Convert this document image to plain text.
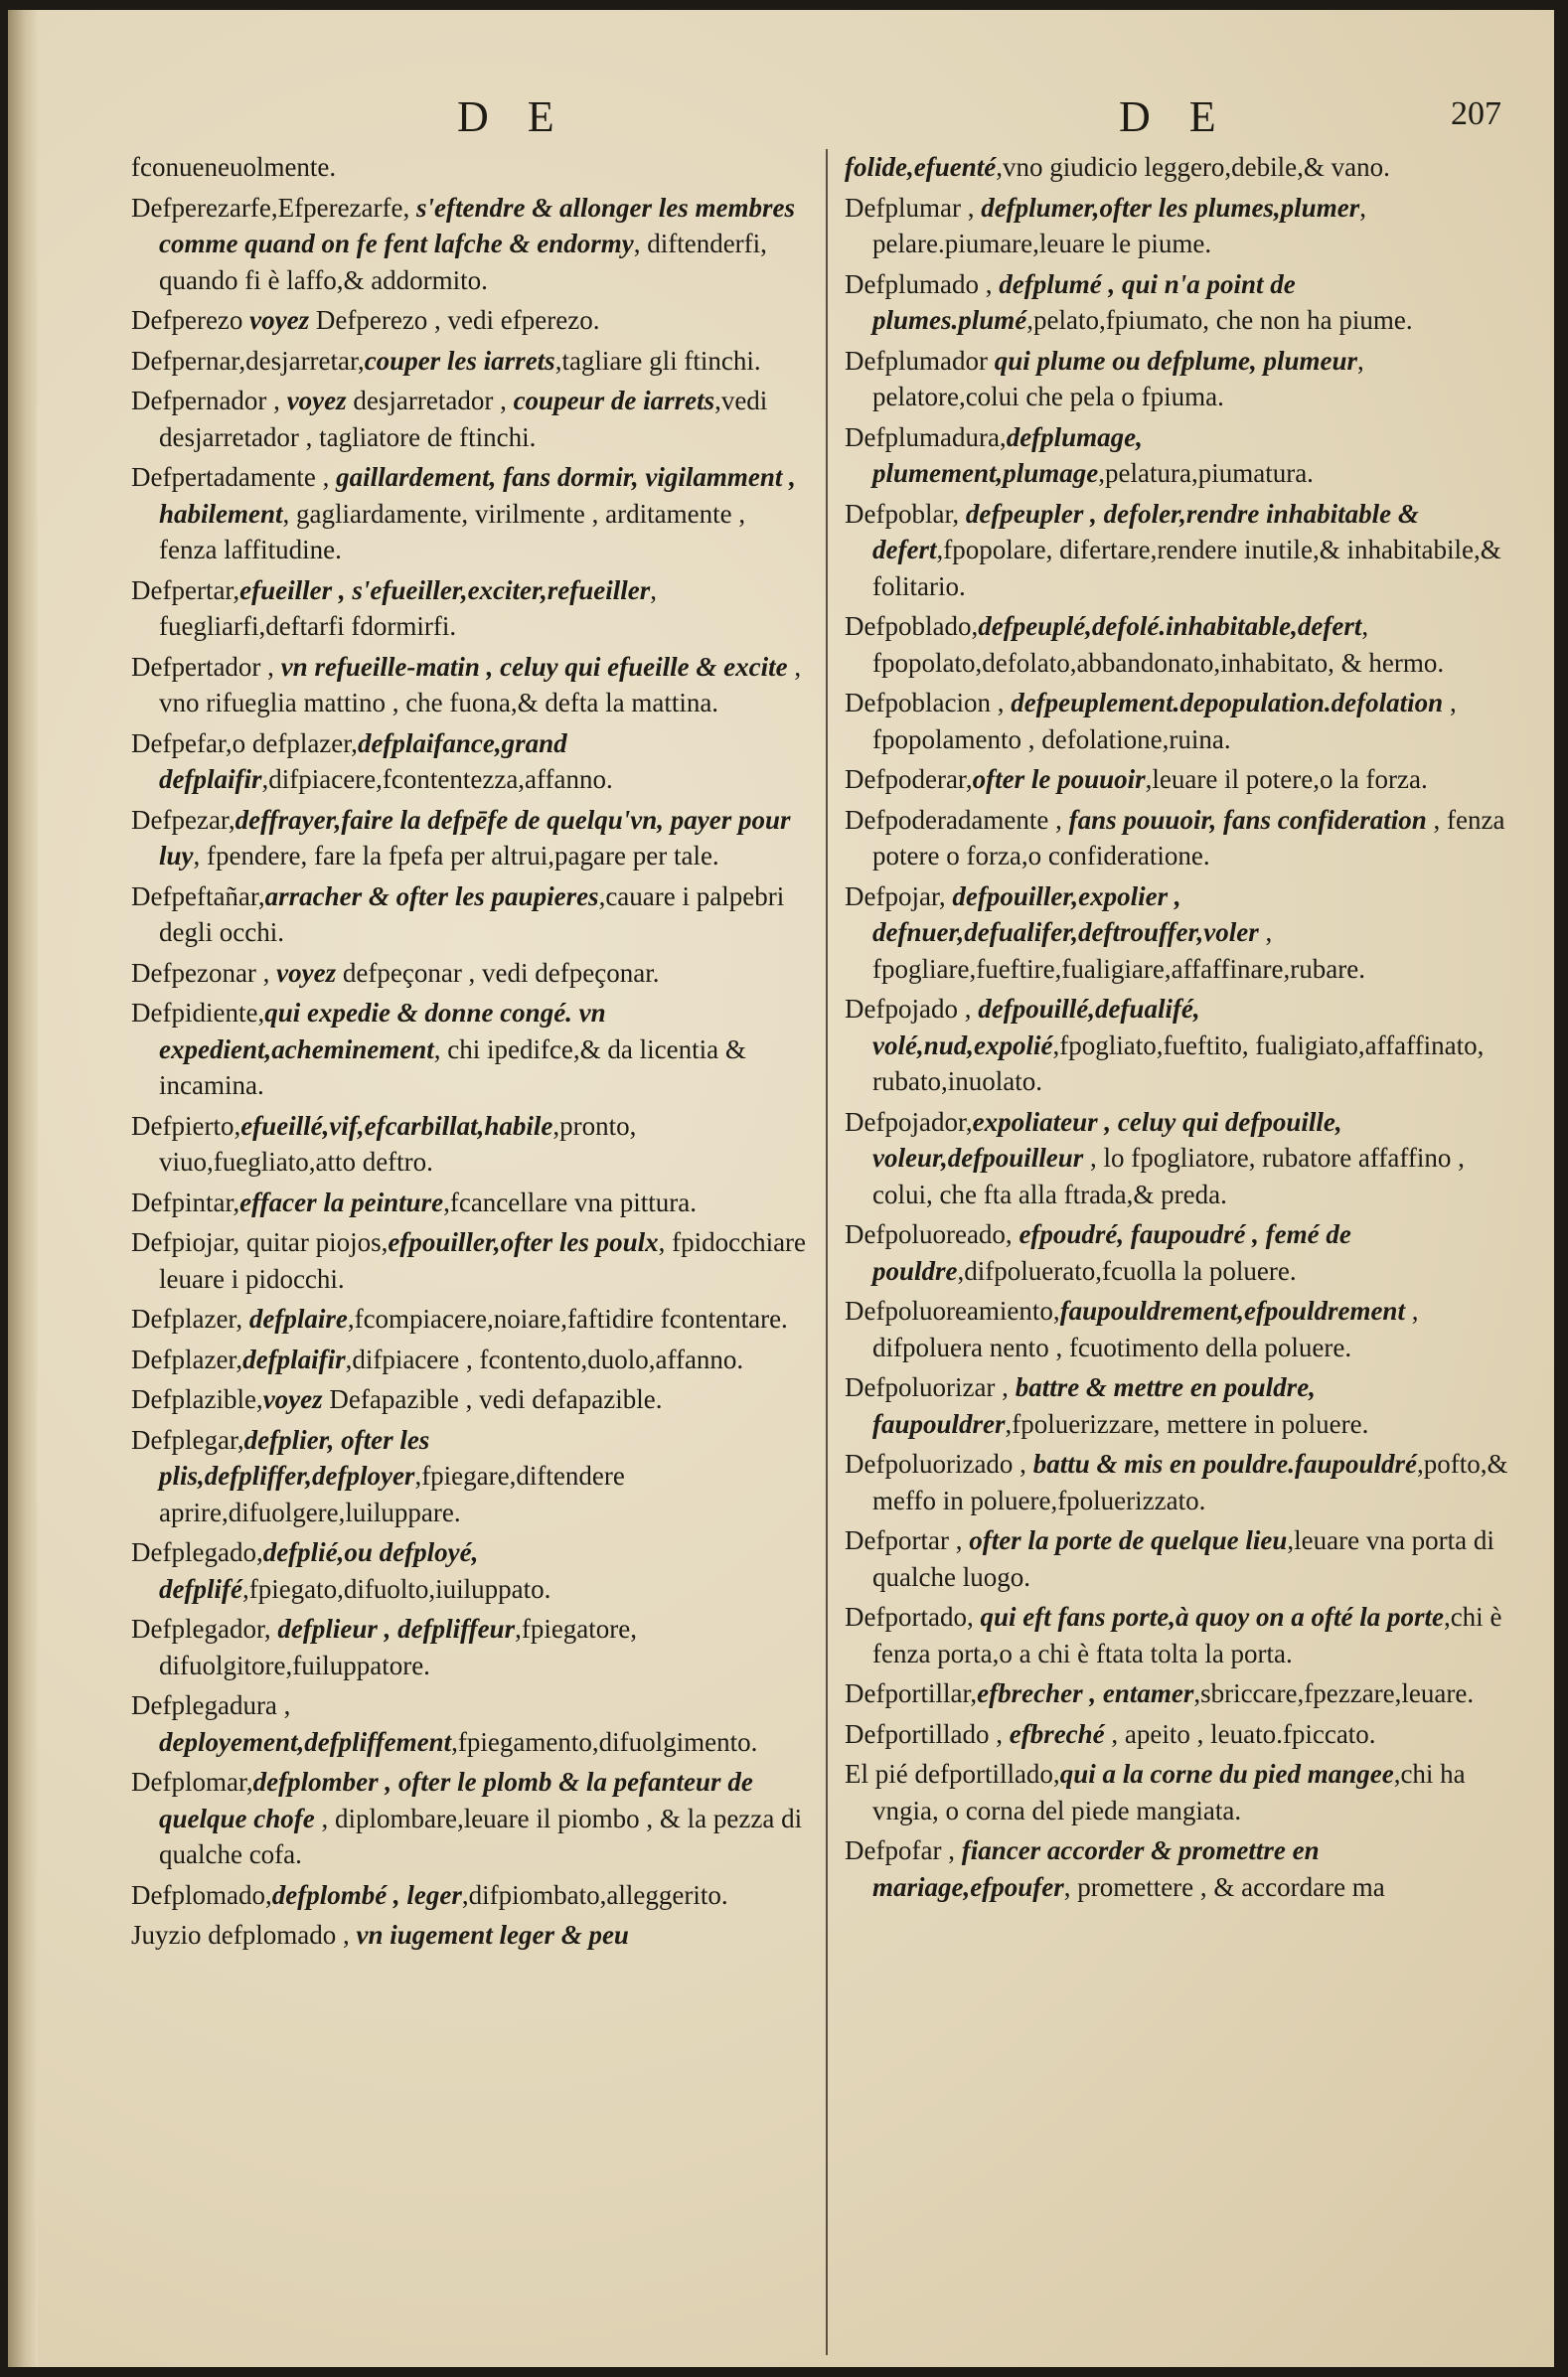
D E	D E	207
fconueneuolmente.
Defperezarfe,Efperezarfe, s'eftendre & allonger les membres comme quand on fe fent lafche & endormy, diftenderfi, quando fi è laffo,& addormito.
Defperezo voyez Defperezo , vedi efperezo.
Defpernar,desjarretar,couper les iarrets,tagliare gli ftinchi.
Defpernador , voyez desjarretador , coupeur de iarrets,vedi desjarretador , tagliatore de ftinchi.
Defpertadamente , gaillardement, fans dormir, vigilamment , habilement, gagliardamente, virilmente , arditamente , fenza laffitudine.
Defpertar,efueiller , s'efueiller,exciter,refueiller, fuegliarfi,deftarfi fdormirfi.
Defpertador , vn refueille-matin , celuy qui efueille & excite , vno rifueglia mattino , che fuona,& defta la mattina.
Defpefar,o defplazer,defplaifance,grand defplaifir,difpiacere,fcontentezza,affanno.
Defpezar,deffrayer,faire la defpēfe de quelqu'vn, payer pour luy, fpendere, fare la fpefa per altrui,pagare per tale.
Defpeftañar,arracher & ofter les paupieres,cauare i palpebri degli occhi.
Defpezonar , voyez defpeçonar , vedi defpeçonar.
Defpidiente,qui expedie & donne congé. vn expedient,acheminement, chi ipedifce,& da licentia & incamina.
Defpierto,efueillé,vif,efcarbillat,habile,pronto, viuo,fuegliato,atto deftro.
Defpintar,effacer la peinture,fcancellare vna pittura.
Defpiojar, quitar piojos,efpouiller,ofter les poulx, fpidocchiare leuare i pidocchi.
Defplazer, defplaire,fcompiacere,noiare,faftidire fcontentare.
Defplazer,defplaifir,difpiacere , fcontento,duolo,affanno.
Defplazible,voyez Defapazible , vedi defapazible.
Defplegar,defplier, ofter les plis,defpliffer,defployer,fpiegare,diftendere aprire,difuolgere,luiluppare.
Defplegado,defplié,ou defployé, defplifé,fpiegato,difuolto,iuiluppato.
Defplegador, defplieur , defpliffeur,fpiegatore, difuolgitore,fuiluppatore.
Defplegadura , deployement,defpliffement,fpiegamento,difuolgimento.
Defplomar,defplomber , ofter le plomb & la pefanteur de quelque chofe , diplombare,leuare il piombo , & la pezza di qualche cofa.
Defplomado,defplombé , leger,difpiombato,alleggerito.
Juyzio defplomado , vn iugement leger & peu
folide,efuenté,vno giudicio leggero,debile,& vano.
Defplumar , defplumer,ofter les plumes,plumer, pelare.piumare,leuare le piume.
Defplumado , defplumé , qui n'a point de plumes.plumé,pelato,fpiumato, che non ha piume.
Defplumador qui plume ou defplume, plumeur, pelatore,colui che pela o fpiuma.
Defplumadura,defplumage, plumement,plumage,pelatura,piumatura.
Defpoblar, defpeupler , defoler,rendre inhabitable & defert,fpopolare, difertare,rendere inutile,& inhabitabile,& folitario.
Defpoblado,defpeuplé,defolé.inhabitable,defert, fpopolato,defolato,abbandonato,inhabitato, & hermo.
Defpoblacion , defpeuplement.depopulation.defolation , fpopolamento , defolatione,ruina.
Defpoderar,ofter le pouuoir,leuare il potere,o la forza.
Defpoderadamente , fans pouuoir, fans confideration , fenza potere o forza,o confideratione.
Defpojar, defpouiller,expolier , defnuer,defualifer,deftrouffer,voler , fpogliare,fueftire,fualigiare,affaffinare,rubare.
Defpojado , defpouillé,defualifé, volé,nud,expolié,fpogliato,fueftito, fualigiato,affaffinato, rubato,inuolato.
Defpojador,expoliateur , celuy qui defpouille, voleur,defpouilleur , lo fpogliatore, rubatore affaffino , colui, che fta alla ftrada,& preda.
Defpoluoreado, efpoudré, faupoudré , femé de pouldre,difpoluerato,fcuolla la poluere.
Defpoluoreamiento,faupouldrement,efpouldrement , difpoluera nento , fcuotimento della poluere.
Defpoluorizar , battre & mettre en pouldre, faupouldrer,fpoluerizzare, mettere in poluere.
Defpoluorizado , battu & mis en pouldre.faupouldré,pofto,& meffo in poluere,fpoluerizzato.
Defportar , ofter la porte de quelque lieu,leuare vna porta di qualche luogo.
Defportado, qui eft fans porte,à quoy on a ofté la porte,chi è fenza porta,o a chi è ftata tolta la porta.
Defportillar,efbrecher , entamer,sbriccare,fpezzare,leuare.
Defportillado , efbreché , apeito , leuato.fpiccato.
El pié defportillado,qui a la corne du pied mangee,chi ha vngia, o corna del piede mangiata.
Defpofar , fiancer accorder & promettre en mariage,efpoufer, promettere , & accordare ma
